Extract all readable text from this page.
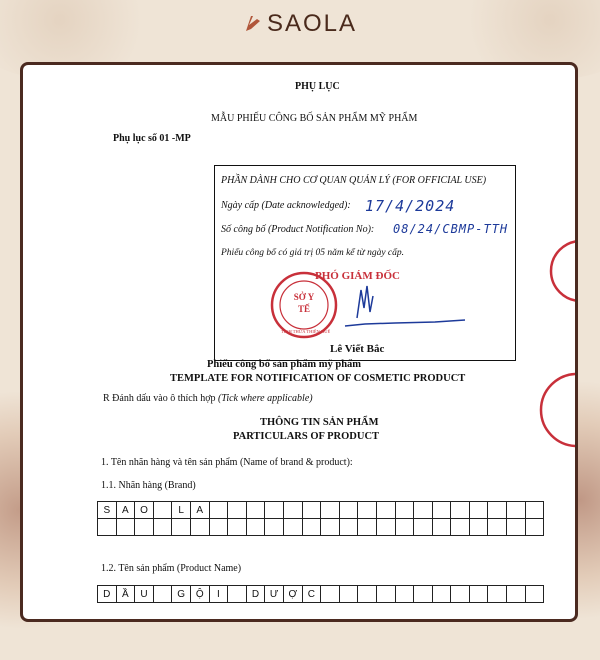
SAOLA
PHỤ LỤC
MẪU PHIẾU CÔNG BỐ SẢN PHẨM MỸ PHẨM
Phụ lục số 01 -MP
PHẦN DÀNH CHO CƠ QUAN QUẢN LÝ (FOR OFFICIAL USE)
Ngày cấp (Date acknowledged): 17/4/2024
Số công bố (Product Notification No): 08/24/CBMP-TTH
Phiếu công bố có giá trị 05 năm kể từ ngày cấp.
PHÓ GIÁM ĐỐC
SỞ Y TẾ
TỈNH THỪA THIÊN HUẾ
Lê Viết Bắc
Phiếu công bố sản phẩm mỹ phẩm
TEMPLATE FOR NOTIFICATION OF COSMETIC PRODUCT
R Đánh dấu vào ô thích hợp (Tick where applicable)
THÔNG TIN SẢN PHẨM
PARTICULARS OF PRODUCT
1. Tên nhãn hàng và tên sản phẩm (Name of brand & product):
1.1. Nhãn hàng (Brand)
S	A	O		L	A																		

1.2. Tên sản phẩm (Product Name)
D	Ầ	U		G	Ộ	I		D	Ư	Ợ	C												
